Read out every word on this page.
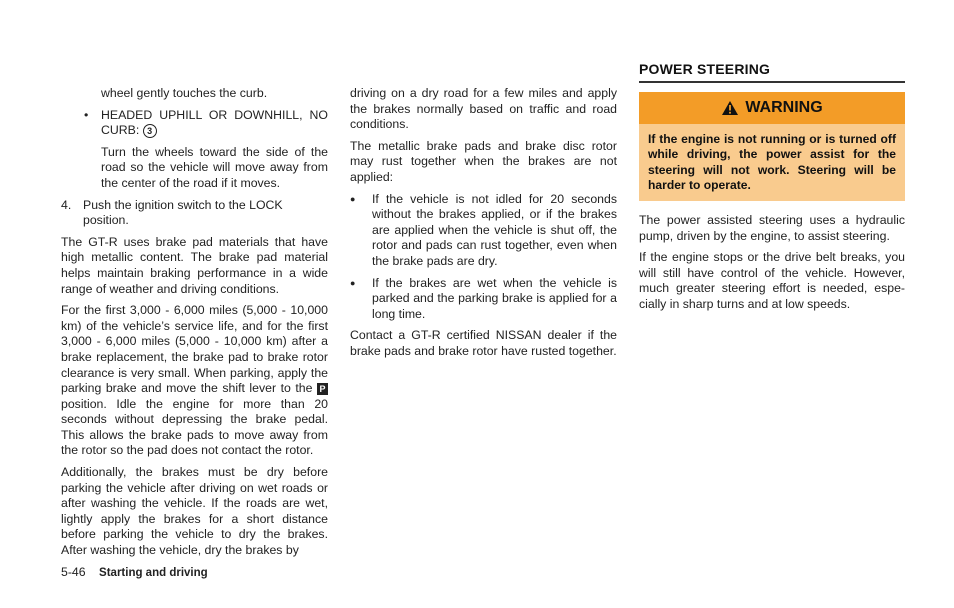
wheel gently touches the curb.

• HEADED UPHILL OR DOWNHILL, NO CURB: 3

Turn the wheels toward the side of the road so the vehicle will move away from the center of the road if it moves.

4. Push the ignition switch to the LOCK position.

The GT-R uses brake pad materials that have high metallic content. The brake pad material helps maintain braking performance in a wide range of weather and driving conditions.

For the first 3,000 - 6,000 miles (5,000 - 10,000 km) of the vehicle’s service life, and for the first 3,000 - 6,000 miles (5,000 - 10,000 km) after a brake replacement, the brake pad to brake rotor clearance is very small. When parking, apply the parking brake and move the shift lever to the P position. Idle the engine for more than 20 seconds without depressing the brake pedal. This allows the brake pads to move away from the rotor so the pad does not contact the rotor.

Additionally, the brakes must be dry before parking the vehicle after driving on wet roads or after washing the vehicle. If the roads are wet, lightly apply the brakes for a short distance before parking the vehicle to dry the brakes. After washing the vehicle, dry the brakes by

driving on a dry road for a few miles and apply the brakes normally based on traffic and road conditions.

The metallic brake pads and brake disc rotor may rust together when the brakes are not applied:

● If the vehicle is not idled for 20 seconds without the brakes applied, or if the brakes are applied when the vehicle is shut off, the rotor and pads can rust together, even when the brake pads are dry.
● If the brakes are wet when the vehicle is parked and the parking brake is applied for a long time.

Contact a GT-R certified NISSAN dealer if the brake pads and brake rotor have rusted together.

POWER STEERING
WARNING
If the engine is not running or is turned off while driving, the power assist for the steering will not work. Steering will be harder to operate.

The power assisted steering uses a hydraulic pump, driven by the engine, to assist steering.

If the engine stops or the drive belt breaks, you will still have control of the vehicle. However, much greater steering effort is needed, espe-cially in sharp turns and at low speeds.

5-46 Starting and driving
